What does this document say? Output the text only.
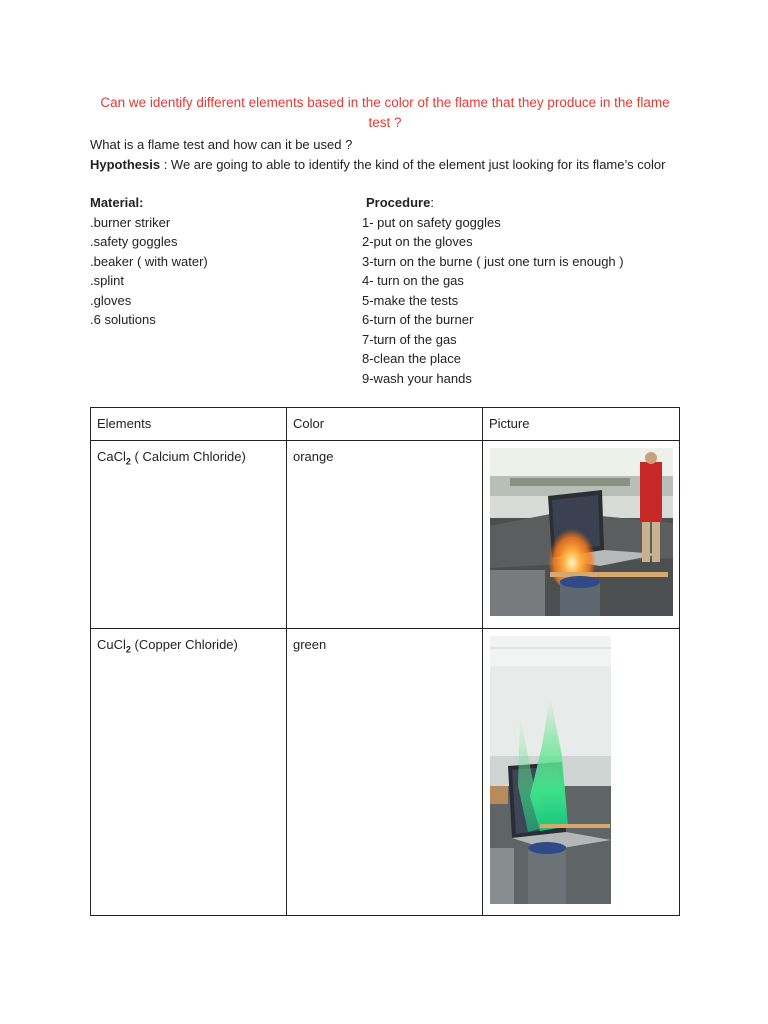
Can we identify different elements based in the color of the flame that they produce in the flame test ?
What is a flame test and how can it be used ?
Hypothesis : We are going to able to identify the kind of the element just looking for its flame’s color
Material:
.burner striker
.safety goggles
.beaker ( with water)
.splint
.gloves
.6 solutions
Procedure:
1- put on safety goggles
2-put on the gloves
3-turn on the burne ( just one turn is enough )
4- turn on the gas
5-make the tests
6-turn of the burner
7-turn of the gas
8-clean the place
9-wash your hands
Elements	Color	Picture
CaCl$_2$ ( Calcium Chloride)	orange	

CuCl$_2$ (Copper Chloride)	green	
